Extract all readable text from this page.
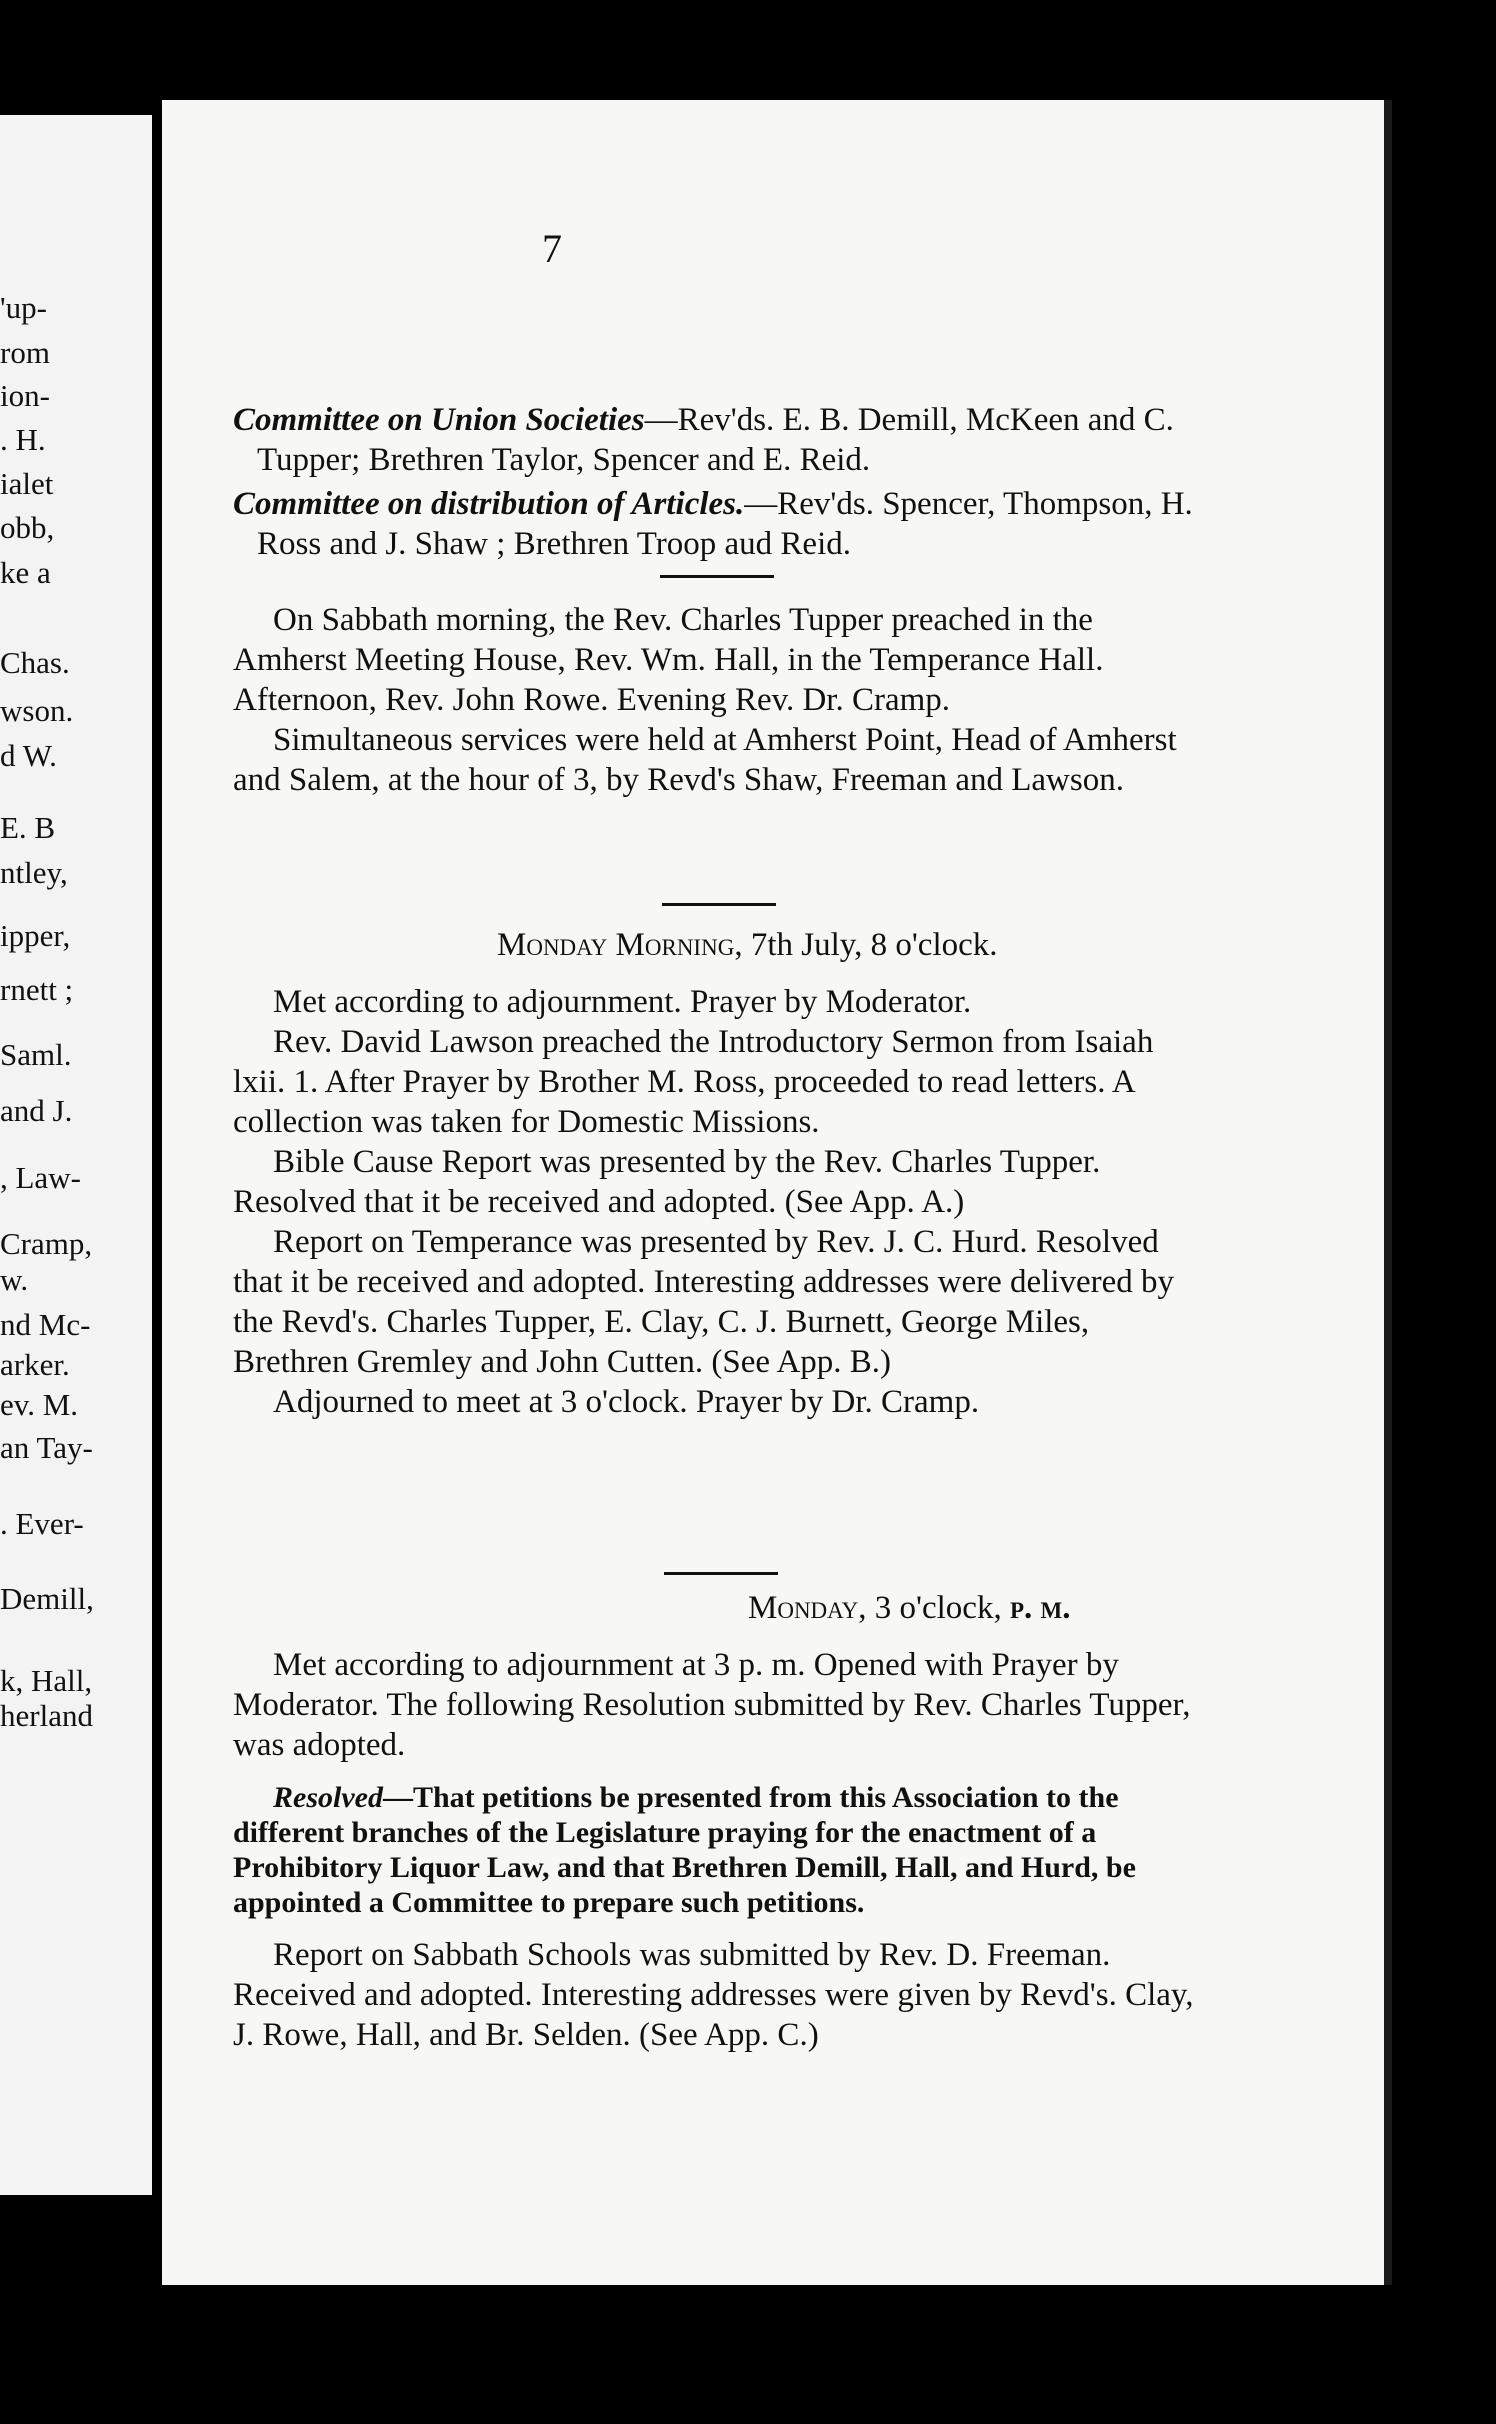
'up-
rom
ion-
. H.
ialet
obb,
ke a
Chas.
wson.
d W.
E. B
ntley,
ipper,
rnett ;
Saml.
and J.
, Law-
Cramp,
w.
nd Mc-
arker.
ev. M.
an Tay-
. Ever-
Demill,
k, Hall,
herland
7

Committee on Union Societies—Rev'ds. E. B. Demill, McKeen and C. Tupper; Brethren Taylor, Spencer and E. Reid.

Committee on distribution of Articles.—Rev'ds. Spencer, Thompson, H. Ross and J. Shaw ; Brethren Troop aud Reid.

On Sabbath morning, the Rev. Charles Tupper preached in the Amherst Meeting House, Rev. Wm. Hall, in the Temperance Hall. Afternoon, Rev. John Rowe. Evening Rev. Dr. Cramp.

Simultaneous services were held at Amherst Point, Head of Amherst and Salem, at the hour of 3, by Revd's Shaw, Freeman and Lawson.

Monday Morning, 7th July, 8 o'clock.

Met according to adjournment. Prayer by Moderator.

Rev. David Lawson preached the Introductory Sermon from Isaiah lxii. 1. After Prayer by Brother M. Ross, proceeded to read letters. A collection was taken for Domestic Missions.

Bible Cause Report was presented by the Rev. Charles Tupper. Resolved that it be received and adopted. (See App. A.)

Report on Temperance was presented by Rev. J. C. Hurd. Resolved that it be received and adopted. Interesting addresses were delivered by the Revd's. Charles Tupper, E. Clay, C. J. Burnett, George Miles, Brethren Gremley and John Cutten. (See App. B.)

Adjourned to meet at 3 o'clock. Prayer by Dr. Cramp.

Monday, 3 o'clock, p. m.

Met according to adjournment at 3 p. m. Opened with Prayer by Moderator. The following Resolution submitted by Rev. Charles Tupper, was adopted.

Resolved—That petitions be presented from this Association to the different branches of the Legislature praying for the enactment of a Prohibitory Liquor Law, and that Brethren Demill, Hall, and Hurd, be appointed a Committee to prepare such petitions.

Report on Sabbath Schools was submitted by Rev. D. Freeman. Received and adopted. Interesting addresses were given by Revd's. Clay, J. Rowe, Hall, and Br. Selden. (See App. C.)
